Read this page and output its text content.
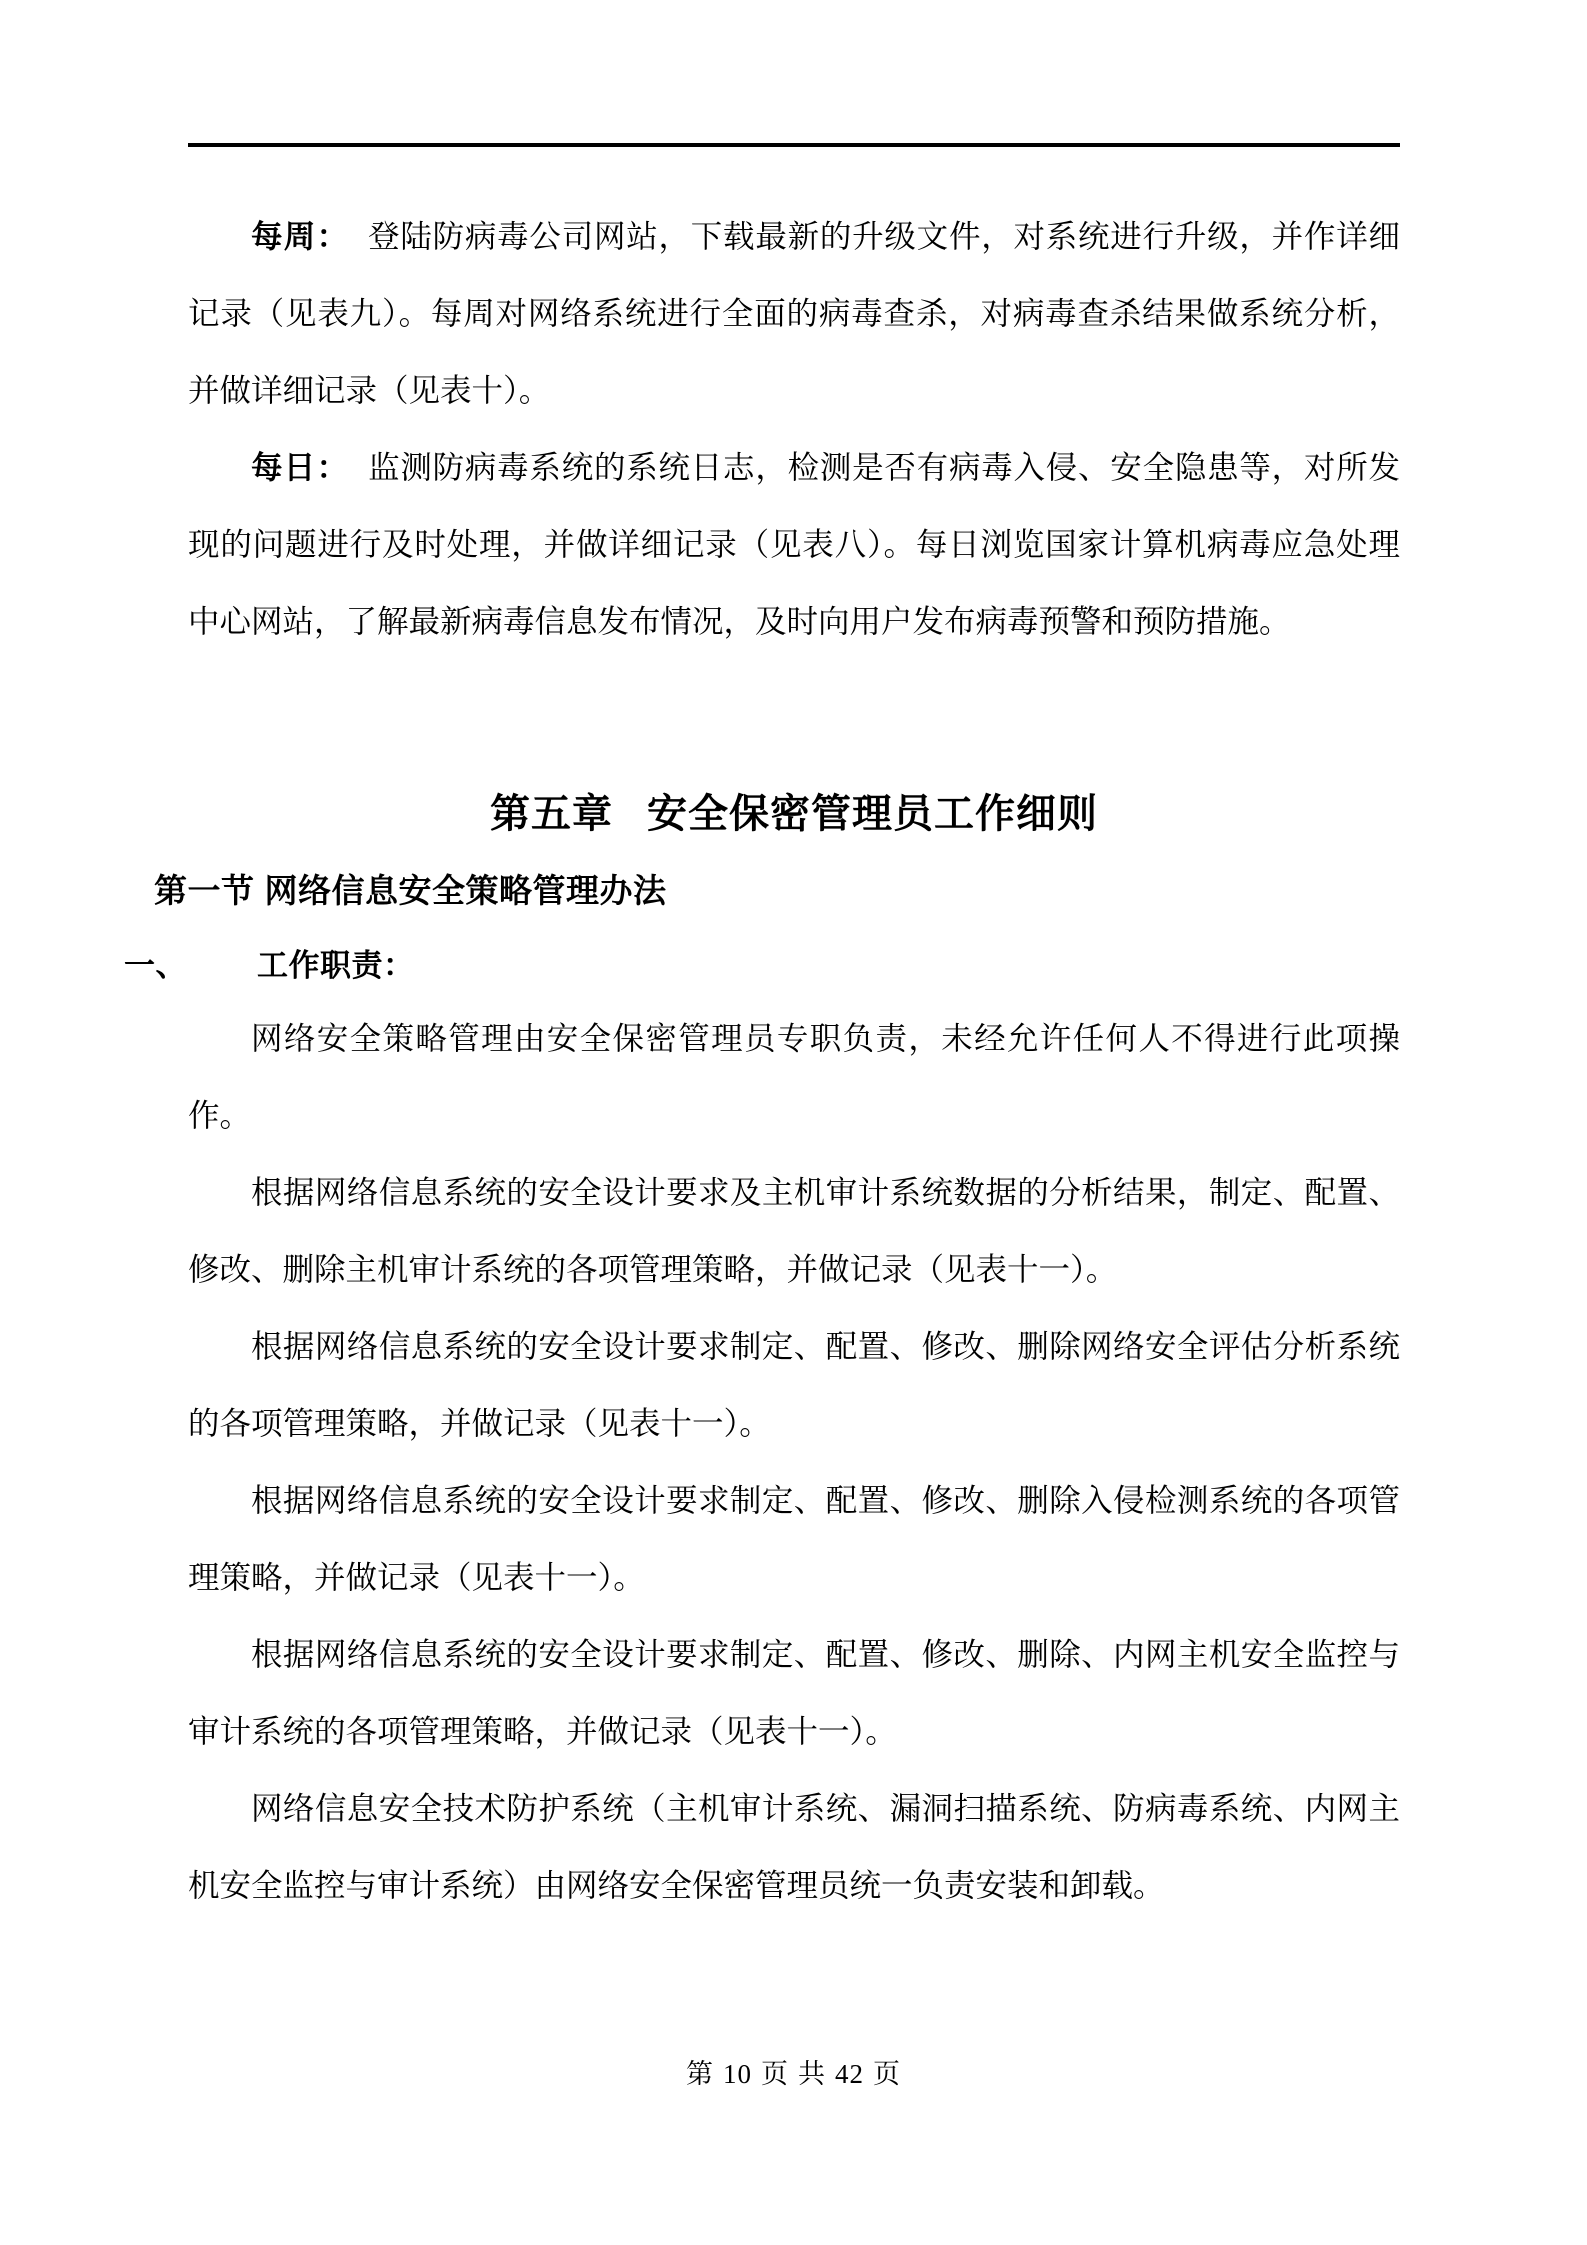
每周： 登陆防病毒公司网站，下载最新的升级文件，对系统进行升级，并作详细记录（见表九）。每周对网络系统进行全面的病毒查杀，对病毒查杀结果做系统分析，并做详细记录（见表十）。

每日： 监测防病毒系统的系统日志，检测是否有病毒入侵、安全隐患等，对所发现的问题进行及时处理，并做详细记录（见表八）。每日浏览国家计算机病毒应急处理中心网站，了解最新病毒信息发布情况，及时向用户发布病毒预警和预防措施。

第五章 安全保密管理员工作细则
第一节 网络信息安全策略管理办法
一、 工作职责：

网络安全策略管理由安全保密管理员专职负责，未经允许任何人不得进行此项操作。

根据网络信息系统的安全设计要求及主机审计系统数据的分析结果，制定、配置、修改、删除主机审计系统的各项管理策略，并做记录（见表十一）。

根据网络信息系统的安全设计要求制定、配置、修改、删除网络安全评估分析系统的各项管理策略，并做记录（见表十一）。

根据网络信息系统的安全设计要求制定、配置、修改、删除入侵检测系统的各项管理策略，并做记录（见表十一）。

根据网络信息系统的安全设计要求制定、配置、修改、删除、内网主机安全监控与审计系统的各项管理策略，并做记录（见表十一）。

网络信息安全技术防护系统（主机审计系统、漏洞扫描系统、防病毒系统、内网主机安全监控与审计系统）由网络安全保密管理员统一负责安装和卸载。

第 10 页 共 42 页
